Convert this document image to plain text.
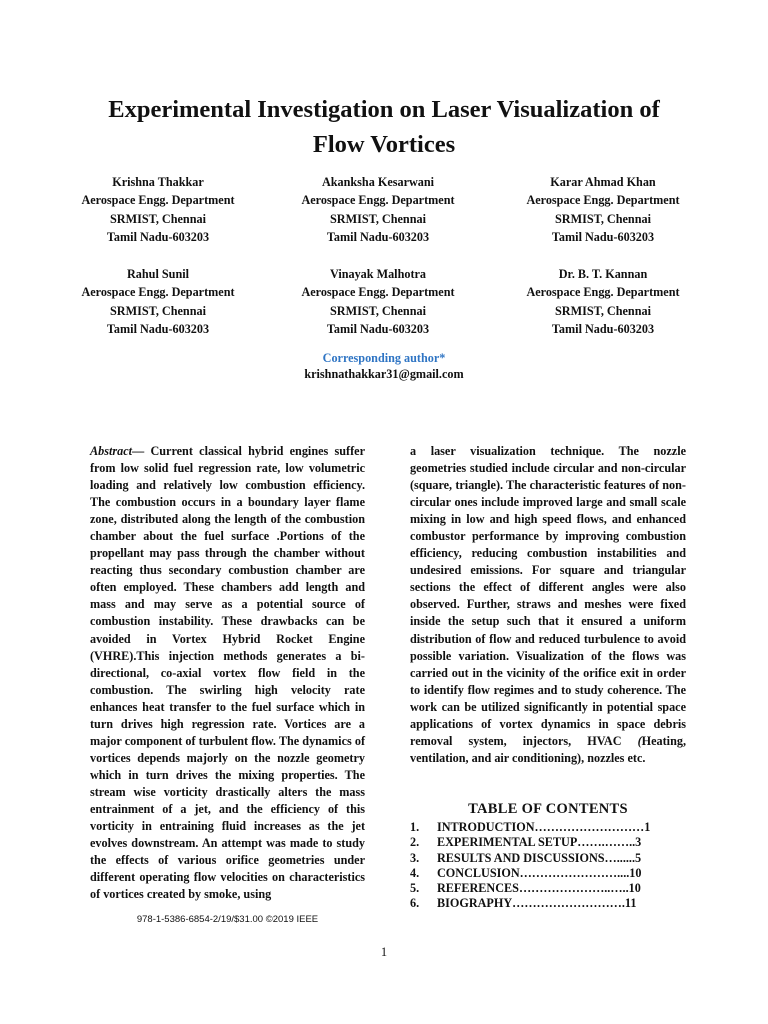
Experimental Investigation on Laser Visualization of
Flow Vortices
Krishna Thakkar
Aerospace Engg. Department
SRMIST, Chennai
Tamil Nadu-603203
Akanksha Kesarwani
Aerospace Engg. Department
SRMIST, Chennai
Tamil Nadu-603203
Karar Ahmad Khan
Aerospace Engg. Department
SRMIST, Chennai
Tamil Nadu-603203
Rahul Sunil
Aerospace Engg. Department
SRMIST, Chennai
Tamil Nadu-603203
Vinayak Malhotra
Aerospace Engg. Department
SRMIST, Chennai
Tamil Nadu-603203
Dr. B. T. Kannan
Aerospace Engg. Department
SRMIST, Chennai
Tamil Nadu-603203
Corresponding author*
krishnathakkar31@gmail.com
Abstract— Current classical hybrid engines suffer from low solid fuel regression rate, low volumetric loading and relatively low combustion efficiency. The combustion occurs in a boundary layer flame zone, distributed along the length of the combustion chamber about the fuel surface .Portions of the propellant may pass through the chamber without reacting thus secondary combustion chamber are often employed. These chambers add length and mass and may serve as a potential source of combustion instability. These drawbacks can be avoided in Vortex Hybrid Rocket Engine (VHRE).This injection methods generates a bi-directional, co-axial vortex flow field in the combustion. The swirling high velocity rate enhances heat transfer to the fuel surface which in turn drives high regression rate. Vortices are a major component of turbulent flow. The dynamics of vortices depends majorly on the nozzle geometry which in turn drives the mixing properties. The stream wise vorticity drastically alters the mass entrainment of a jet, and the efficiency of this vorticity in entraining fluid increases as the jet evolves downstream. An attempt was made to study the effects of various orifice geometries under different operating flow velocities on characteristics of vortices created by smoke, using
a laser visualization technique. The nozzle geometries studied include circular and non-circular (square, triangle). The characteristic features of non-circular ones include improved large and small scale mixing in low and high speed flows, and enhanced combustor performance by improving combustion efficiency, reducing combustion instabilities and undesired emissions. For square and triangular sections the effect of different angles were also observed. Further, straws and meshes were fixed inside the setup such that it ensured a uniform distribution of flow and reduced turbulence to avoid possible variation. Visualization of the flows was carried out in the vicinity of the orifice exit in order to identify flow regimes and to study coherence. The work can be utilized significantly in potential space applications of vortex dynamics in space debris removal system, injectors, HVAC (Heating, ventilation, and air conditioning), nozzles etc.
TABLE OF CONTENTS
1.	INTRODUCTION………………………1
2.	EXPERIMENTAL SETUP…….……..3
3.	RESULTS AND DISCUSSIONS…......5
4.	CONCLUSION……………………....10
5.	REFERENCES…………………..…..10
6.	BIOGRAPHY……………………….11
978-1-5386-6854-2/19/$31.00 ©2019 IEEE
1
